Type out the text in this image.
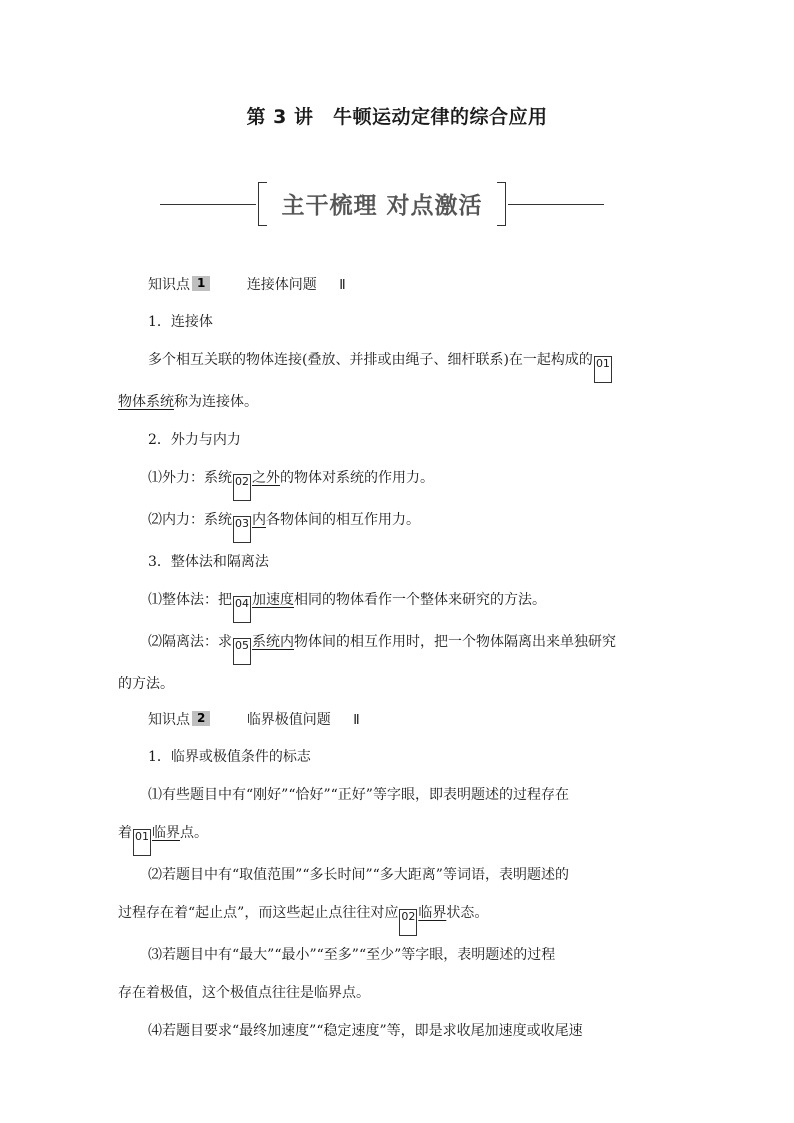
第 3 讲　牛顿运动定律的综合应用
主干梳理 对点激活
知识点 1	连接体问题 Ⅱ

1．连接体

多个相互关联的物体连接(叠放、并排或由绳子、细杆联系)在一起构成的 01

物体系统称为连接体。

2．外力与内力

⑴外力：系统 02 之外的物体对系统的作用力。

⑵内力：系统 03 内各物体间的相互作用力。

3．整体法和隔离法

⑴整体法：把 04 加速度相同的物体看作一个整体来研究的方法。

⑵隔离法：求 05 系统内物体间的相互作用时，把一个物体隔离出来单独研究

的方法。

知识点 2	临界极值问题 Ⅱ

1．临界或极值条件的标志

⑴有些题目中有“刚好”“恰好”“正好”等字眼，即表明题述的过程存在

着 01 临界点。

⑵若题目中有“取值范围”“多长时间”“多大距离”等词语，表明题述的

过程存在着“起止点”，而这些起止点往往对应 02 临界状态。

⑶若题目中有“最大”“最小”“至多”“至少”等字眼，表明题述的过程

存在着极值，这个极值点往往是临界点。

⑷若题目要求“最终加速度”“稳定速度”等，即是求收尾加速度或收尾速
